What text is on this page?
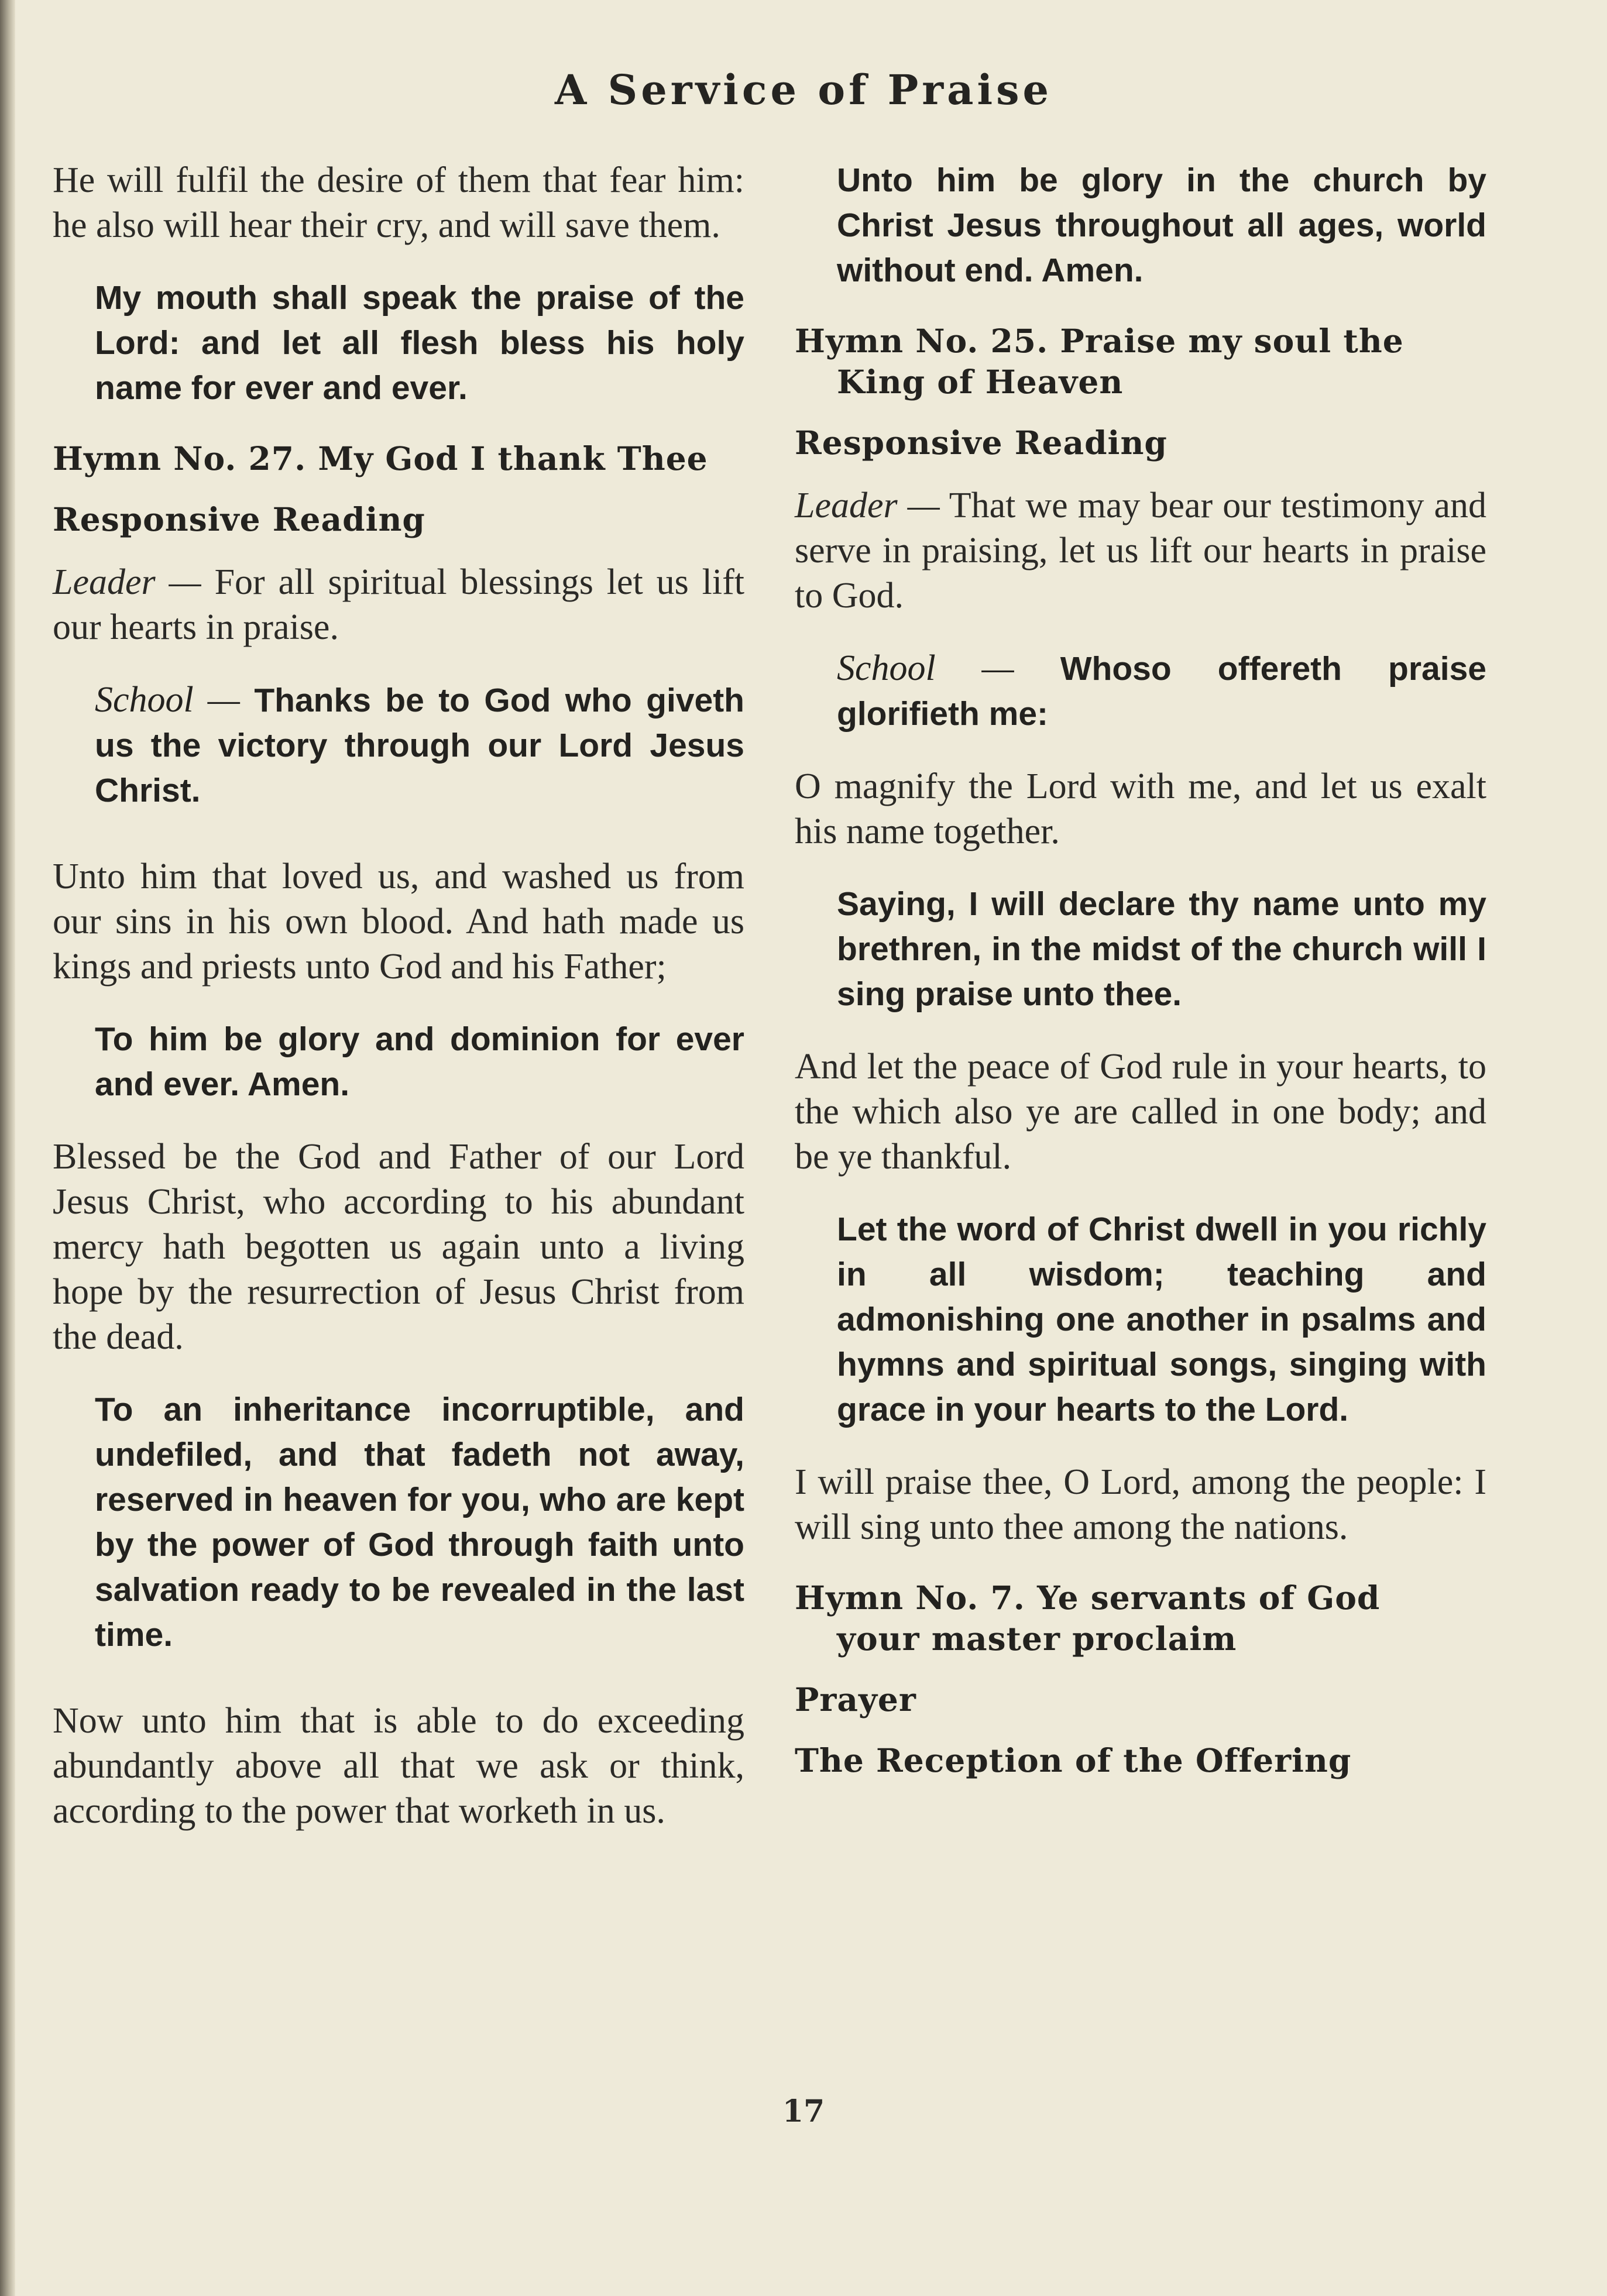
A Service of Praise
He will fulfil the desire of them that fear him: he also will hear their cry, and will save them.
My mouth shall speak the praise of the Lord: and let all flesh bless his holy name for ever and ever.
Hymn No. 27. My God I thank Thee
Responsive Reading
Leader — For all spiritual blessings let us lift our hearts in praise.
School — Thanks be to God who giveth us the victory through our Lord Jesus Christ.
Unto him that loved us, and washed us from our sins in his own blood. And hath made us kings and priests unto God and his Father;
To him be glory and dominion for ever and ever. Amen.
Blessed be the God and Father of our Lord Jesus Christ, who according to his abundant mercy hath begotten us again unto a living hope by the resurrection of Jesus Christ from the dead.
To an inheritance incorruptible, and undefiled, and that fadeth not away, reserved in heaven for you, who are kept by the power of God through faith unto salvation ready to be revealed in the last time.
Now unto him that is able to do exceeding abundantly above all that we ask or think, according to the power that worketh in us.
Unto him be glory in the church by Christ Jesus throughout all ages, world without end. Amen.
Hymn No. 25. Praise my soul the
King of Heaven
Responsive Reading
Leader — That we may bear our testimony and serve in praising, let us lift our hearts in praise to God.
School — Whoso offereth praise glorifieth me:
O magnify the Lord with me, and let us exalt his name together.
Saying, I will declare thy name unto my brethren, in the midst of the church will I sing praise unto thee.
And let the peace of God rule in your hearts, to the which also ye are called in one body; and be ye thankful.
Let the word of Christ dwell in you richly in all wisdom; teaching and admonishing one another in psalms and hymns and spiritual songs, singing with grace in your hearts to the Lord.
I will praise thee, O Lord, among the people: I will sing unto thee among the nations.
Hymn No. 7. Ye servants of God
your master proclaim
Prayer
The Reception of the Offering
17
